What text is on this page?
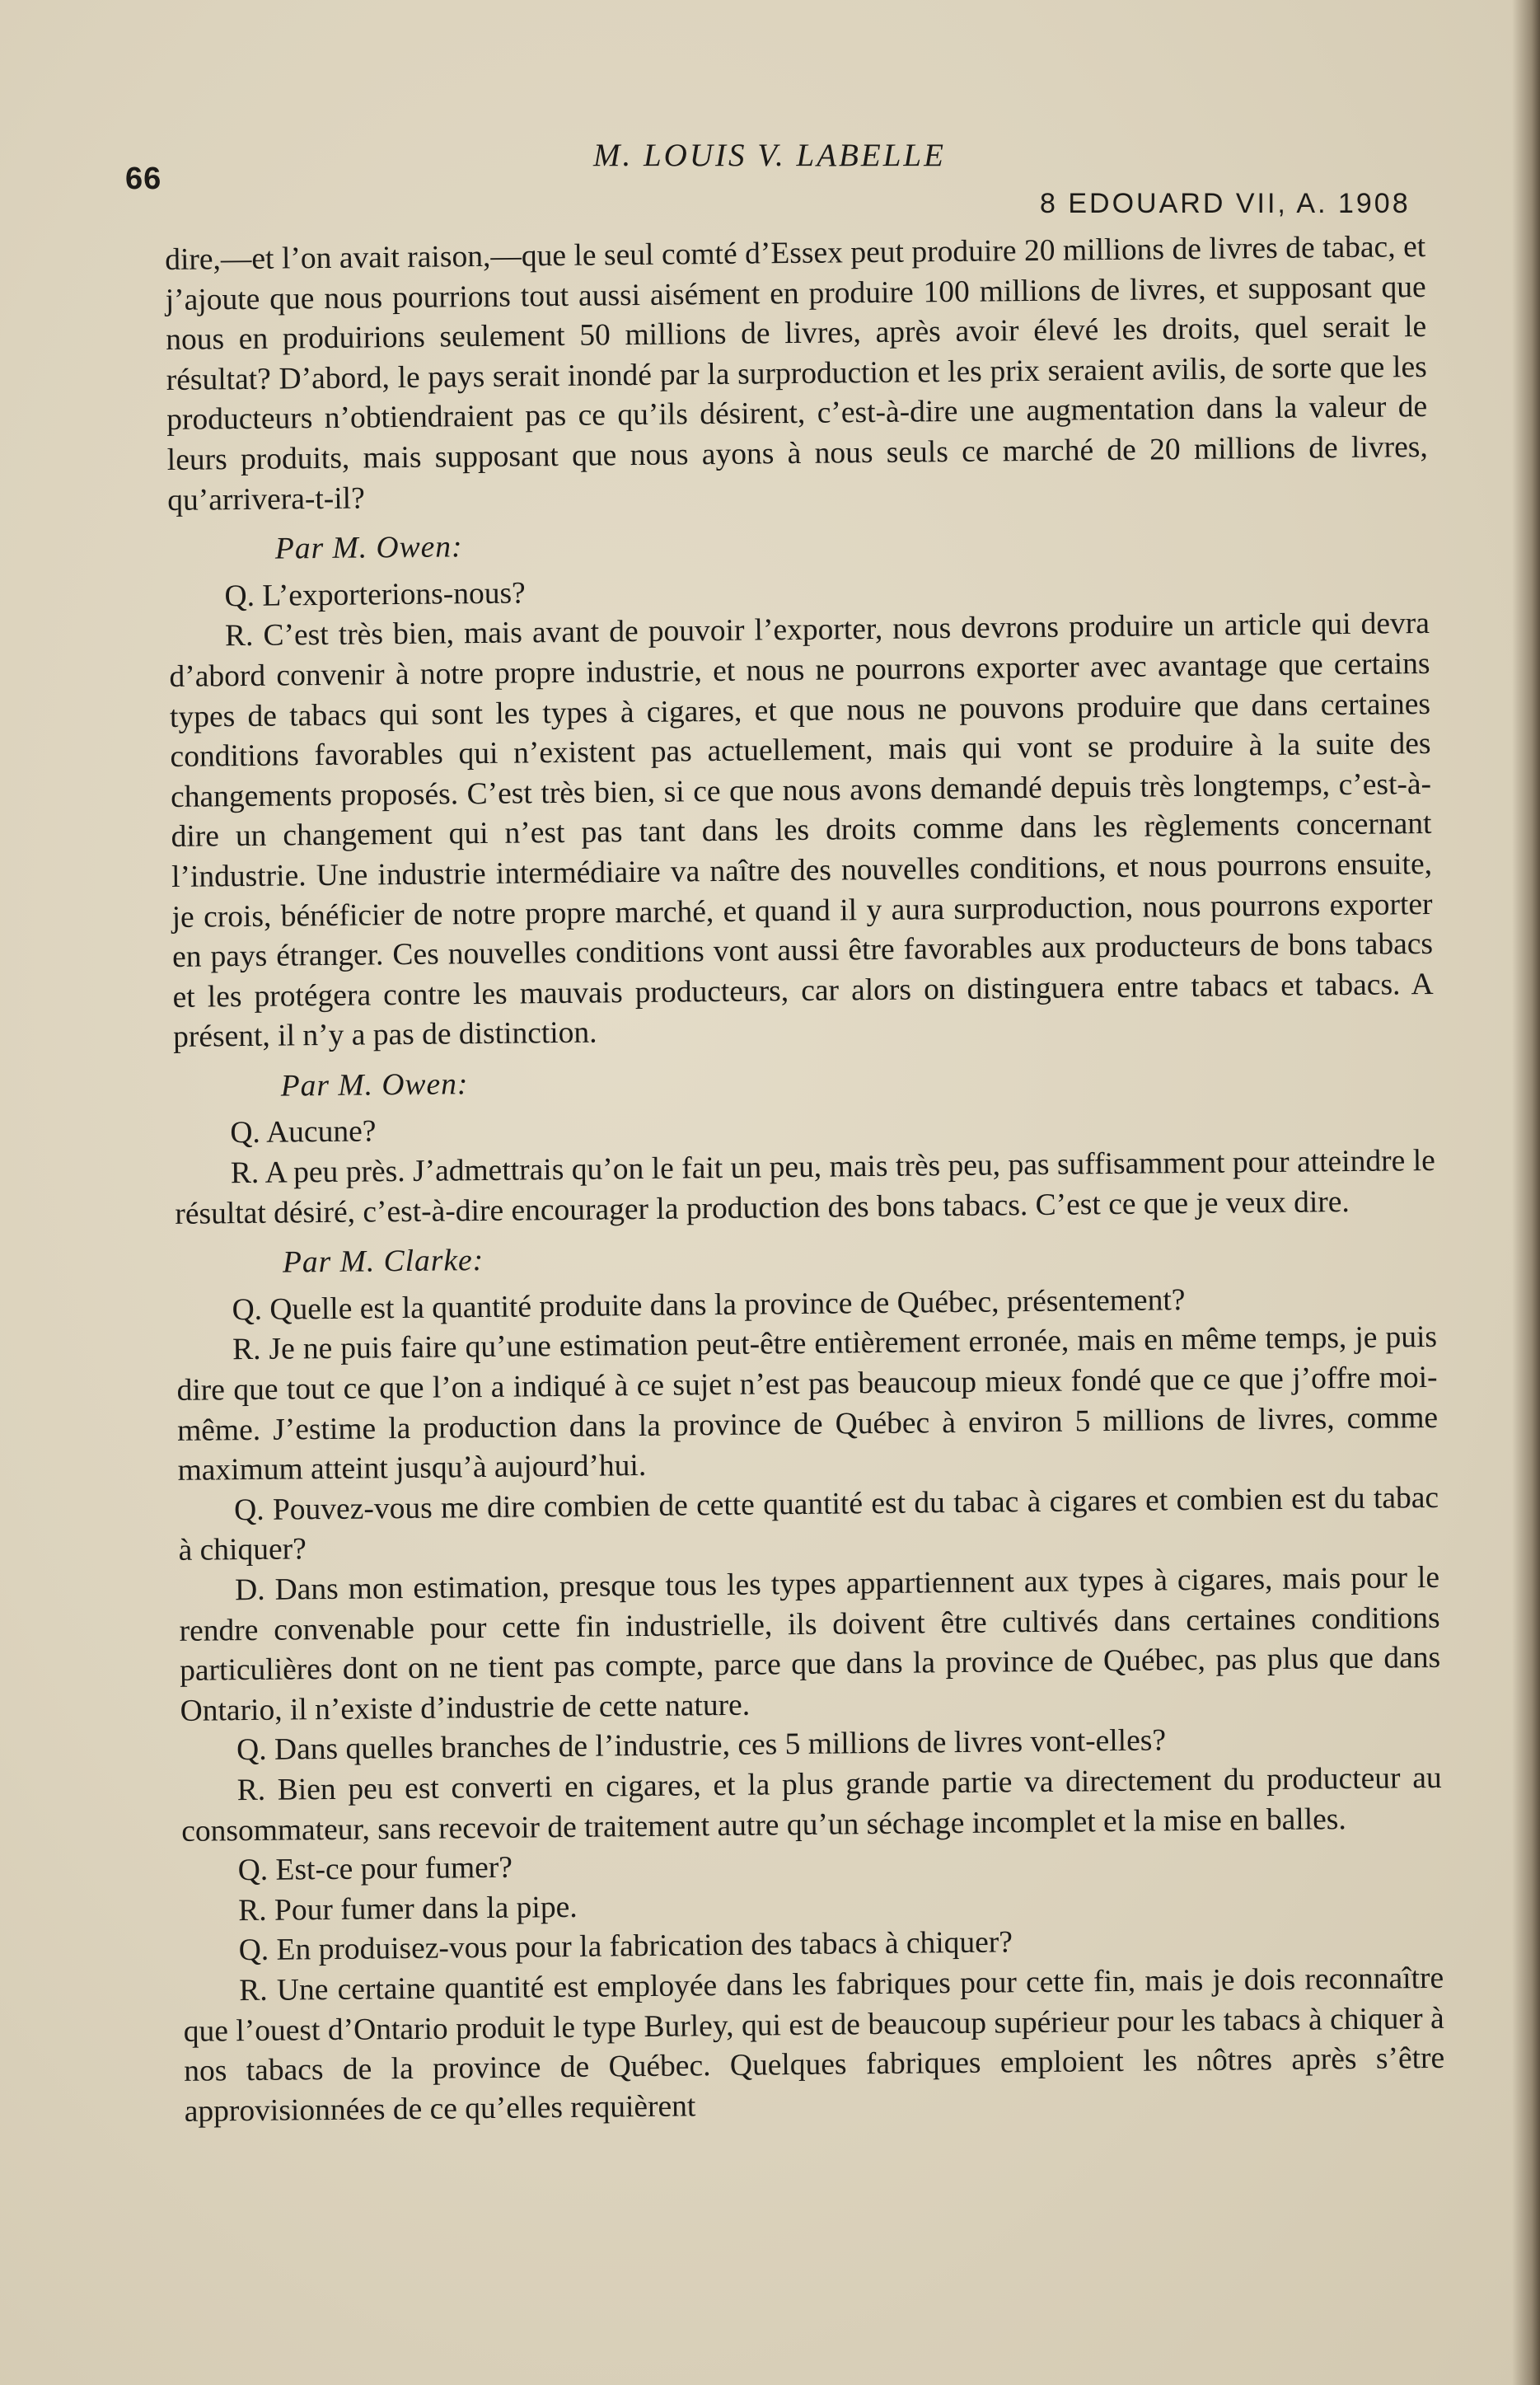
66
M. LOUIS V. LABELLE
8 EDOUARD VII, A. 1908

dire,—et l’on avait raison,—que le seul comté d’Essex peut produire 20 millions de livres de tabac, et j’ajoute que nous pourrions tout aussi aisément en produire 100 millions de livres, et supposant que nous en produirions seulement 50 millions de livres, après avoir élevé les droits, quel serait le résultat? D’abord, le pays serait inondé par la surproduction et les prix seraient avilis, de sorte que les producteurs n’obtiendraient pas ce qu’ils désirent, c’est-à-dire une augmentation dans la valeur de leurs produits, mais supposant que nous ayons à nous seuls ce marché de 20 millions de livres, qu’arrivera-t-il?

Par M. Owen:

Q. L’exporterions-nous?

R. C’est très bien, mais avant de pouvoir l’exporter, nous devrons produire un article qui devra d’abord convenir à notre propre industrie, et nous ne pourrons exporter avec avantage que certains types de tabacs qui sont les types à cigares, et que nous ne pouvons produire que dans certaines conditions favorables qui n’existent pas actuellement, mais qui vont se produire à la suite des changements proposés. C’est très bien, si ce que nous avons demandé depuis très longtemps, c’est-à-dire un changement qui n’est pas tant dans les droits comme dans les règlements concernant l’industrie. Une industrie intermédiaire va naître des nouvelles conditions, et nous pourrons ensuite, je crois, bénéficier de notre propre marché, et quand il y aura surproduction, nous pourrons exporter en pays étranger. Ces nouvelles conditions vont aussi être favorables aux producteurs de bons tabacs et les protégera contre les mauvais producteurs, car alors on distinguera entre tabacs et tabacs. A présent, il n’y a pas de distinction.

Par M. Owen:

Q. Aucune?

R. A peu près. J’admettrais qu’on le fait un peu, mais très peu, pas suffisamment pour atteindre le résultat désiré, c’est-à-dire encourager la production des bons tabacs. C’est ce que je veux dire.

Par M. Clarke:

Q. Quelle est la quantité produite dans la province de Québec, présentement?

R. Je ne puis faire qu’une estimation peut-être entièrement erronée, mais en même temps, je puis dire que tout ce que l’on a indiqué à ce sujet n’est pas beaucoup mieux fondé que ce que j’offre moi-même. J’estime la production dans la province de Québec à environ 5 millions de livres, comme maximum atteint jusqu’à aujourd’hui.

Q. Pouvez-vous me dire combien de cette quantité est du tabac à cigares et combien est du tabac à chiquer?

D. Dans mon estimation, presque tous les types appartiennent aux types à cigares, mais pour le rendre convenable pour cette fin industrielle, ils doivent être cultivés dans certaines conditions particulières dont on ne tient pas compte, parce que dans la province de Québec, pas plus que dans Ontario, il n’existe d’industrie de cette nature.

Q. Dans quelles branches de l’industrie, ces 5 millions de livres vont-elles?

R. Bien peu est converti en cigares, et la plus grande partie va directement du producteur au consommateur, sans recevoir de traitement autre qu’un séchage incomplet et la mise en balles.

Q. Est-ce pour fumer?

R. Pour fumer dans la pipe.

Q. En produisez-vous pour la fabrication des tabacs à chiquer?

R. Une certaine quantité est employée dans les fabriques pour cette fin, mais je dois reconnaître que l’ouest d’Ontario produit le type Burley, qui est de beaucoup supérieur pour les tabacs à chiquer à nos tabacs de la province de Québec. Quelques fabriques emploient les nôtres après s’être approvisionnées de ce qu’elles requièrent
